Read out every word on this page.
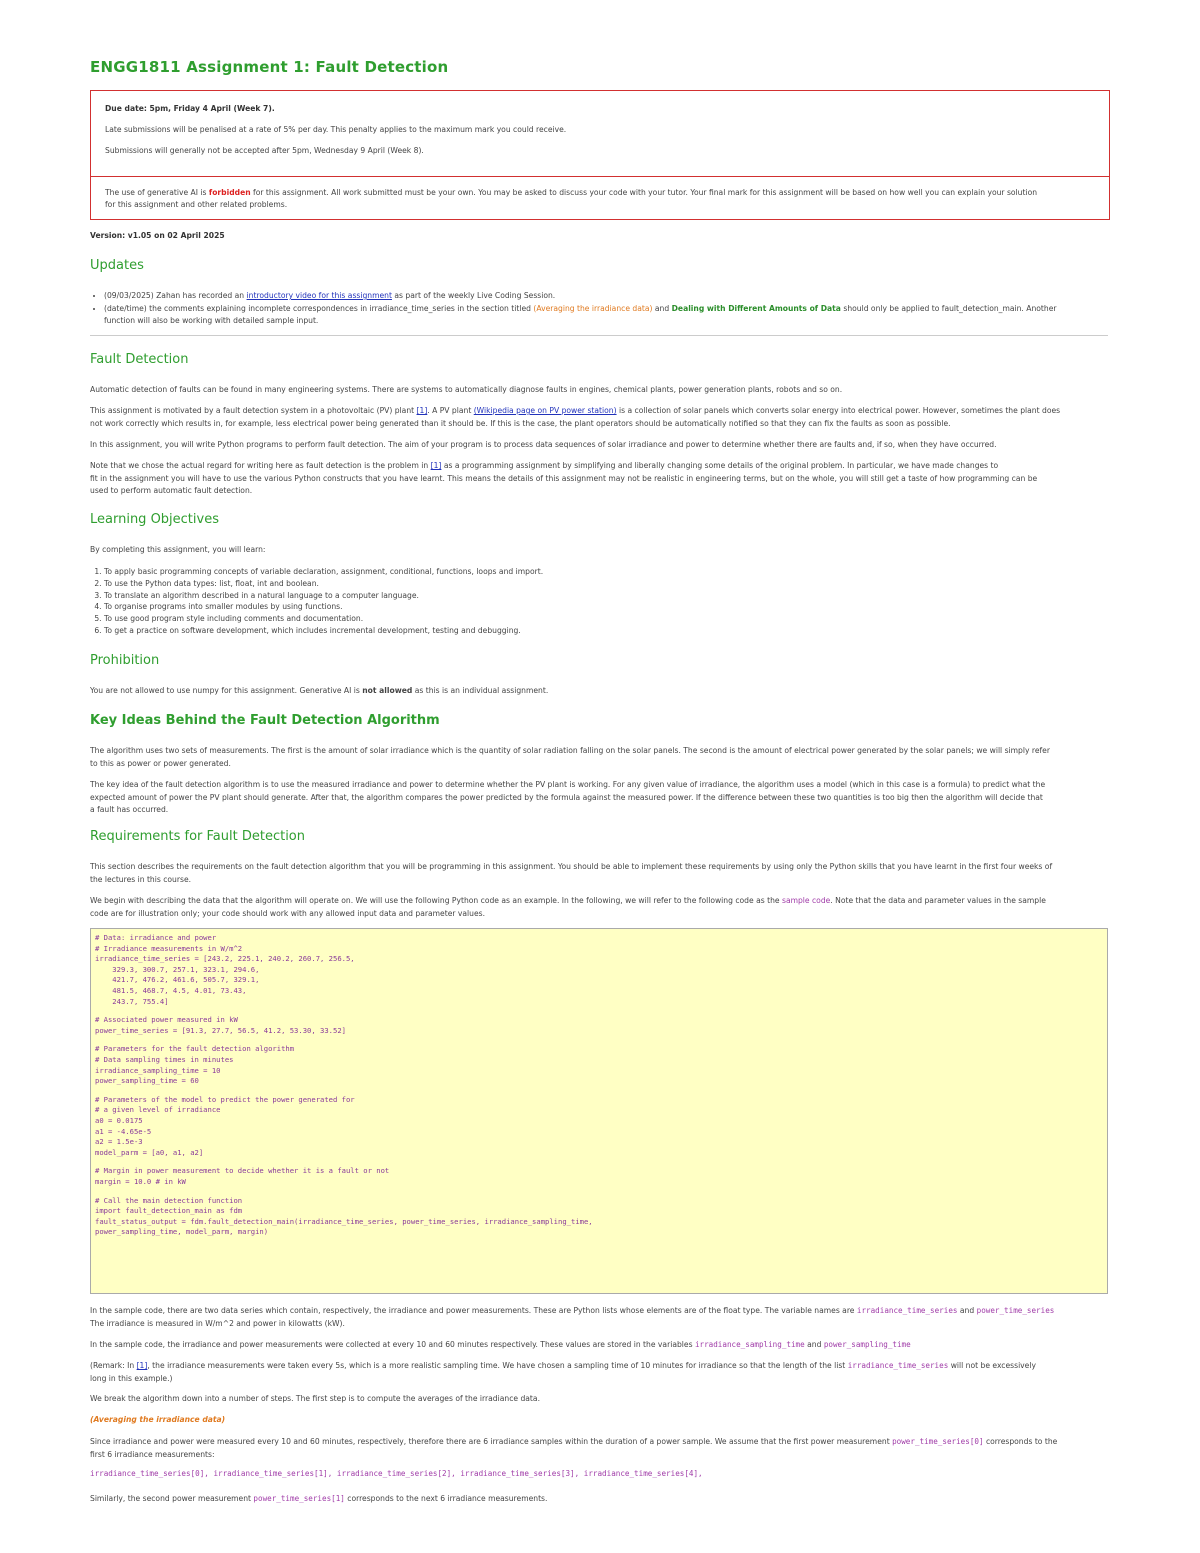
ENGG1811 Assignment 1: Fault Detection

Due date: 5pm, Friday 4 April (Week 7).

Late submissions will be penalised at a rate of 5% per day. This penalty applies to the maximum mark you could receive.

Submissions will generally not be accepted after 5pm, Wednesday 9 April (Week 8).

The use of generative AI is forbidden for this assignment. All work submitted must be your own. You may be asked to discuss your code with your tutor. Your final mark for this assignment will be based on how well you can explain your solution

for this assignment and other related problems.

Version: v1.05 on 02 April 2025
Updates
• (09/03/2025) Zahan has recorded an introductory video for this assignment as part of the weekly Live Coding Session.
• (date/time) the comments explaining incomplete correspondences in irradiance_time_series in the section titled (Averaging the irradiance data) and Dealing with Different Amounts of Data should only be applied to fault_detection_main. Another
function will also be working with detailed sample input.
Fault Detection
Automatic detection of faults can be found in many engineering systems. There are systems to automatically diagnose faults in engines, chemical plants, power generation plants, robots and so on.
This assignment is motivated by a fault detection system in a photovoltaic (PV) plant [1]. A PV plant (Wikipedia page on PV power station) is a collection of solar panels which converts solar energy into electrical power. However, sometimes the plant does
not work correctly which results in, for example, less electrical power being generated than it should be. If this is the case, the plant operators should be automatically notified so that they can fix the faults as soon as possible.
In this assignment, you will write Python programs to perform fault detection. The aim of your program is to process data sequences of solar irradiance and power to determine whether there are faults and, if so, when they have occurred.
Note that we chose the actual regard for writing here as fault detection is the problem in [1] as a programming assignment by simplifying and liberally changing some details of the original problem. In particular, we have made changes to
fit in the assignment you will have to use the various Python constructs that you have learnt. This means the details of this assignment may not be realistic in engineering terms, but on the whole, you will still get a taste of how programming can be
used to perform automatic fault detection.
Learning Objectives
By completing this assignment, you will learn:
1. To apply basic programming concepts of variable declaration, assignment, conditional, functions, loops and import.
2. To use the Python data types: list, float, int and boolean.
3. To translate an algorithm described in a natural language to a computer language.
4. To organise programs into smaller modules by using functions.
5. To use good program style including comments and documentation.
6. To get a practice on software development, which includes incremental development, testing and debugging.
Prohibition
You are not allowed to use numpy for this assignment. Generative AI is not allowed as this is an individual assignment.
Key Ideas Behind the Fault Detection Algorithm
The algorithm uses two sets of measurements. The first is the amount of solar irradiance which is the quantity of solar radiation falling on the solar panels. The second is the amount of electrical power generated by the solar panels; we will simply refer
to this as power or power generated.
The key idea of the fault detection algorithm is to use the measured irradiance and power to determine whether the PV plant is working. For any given value of irradiance, the algorithm uses a model (which in this case is a formula) to predict what the
expected amount of power the PV plant should generate. After that, the algorithm compares the power predicted by the formula against the measured power. If the difference between these two quantities is too big then the algorithm will decide that
a fault has occurred.
Requirements for Fault Detection
This section describes the requirements on the fault detection algorithm that you will be programming in this assignment. You should be able to implement these requirements by using only the Python skills that you have learnt in the first four weeks of
the lectures in this course.
We begin with describing the data that the algorithm will operate on. We will use the following Python code as an example. In the following, we will refer to the following code as the sample code. Note that the data and parameter values in the sample
code are for illustration only; your code should work with any allowed input data and parameter values.
# Data: irradiance and power
# Irradiance measurements in W/m^2
irradiance_time_series = [243.2, 225.1, 240.2, 260.7, 256.5,
329.3, 300.7, 257.1, 323.1, 294.6,
421.7, 476.2, 461.6, 505.7, 329.1,
481.5, 468.7, 4.5, 4.01, 73.43,
243.7, 755.4]
# Associated power measured in kW
power_time_series = [91.3, 27.7, 56.5, 41.2, 53.30, 33.52]
# Parameters for the fault detection algorithm
# Data sampling times in minutes
irradiance_sampling_time = 10
power_sampling_time = 60
# Parameters of the model to predict the power generated for
# a given level of irradiance
a0 = 0.0175
a1 = -4.65e-5
a2 = 1.5e-3
model_parm = [a0, a1, a2]
# Margin in power measurement to decide whether it is a fault or not
margin = 10.0 # in kW
# Call the main detection function
import fault_detection_main as fdm
fault_status_output = fdm.fault_detection_main(irradiance_time_series, power_time_series, irradiance_sampling_time,
power_sampling_time, model_parm, margin)
In the sample code, there are two data series which contain, respectively, the irradiance and power measurements. These are Python lists whose elements are of the float type. The variable names are irradiance_time_series and power_time_series
The irradiance is measured in W/m^2 and power in kilowatts (kW).
In the sample code, the irradiance and power measurements were collected at every 10 and 60 minutes respectively. These values are stored in the variables irradiance_sampling_time and power_sampling_time
(Remark: In [1], the irradiance measurements were taken every 5s, which is a more realistic sampling time. We have chosen a sampling time of 10 minutes for irradiance so that the length of the list irradiance_time_series will not be excessively
long in this example.)
We break the algorithm down into a number of steps. The first step is to compute the averages of the irradiance data.
(Averaging the irradiance data)
Since irradiance and power were measured every 10 and 60 minutes, respectively, therefore there are 6 irradiance samples within the duration of a power sample. We assume that the first power measurement power_time_series[0] corresponds to the
first 6 irradiance measurements:
irradiance_time_series[0], irradiance_time_series[1], irradiance_time_series[2], irradiance_time_series[3], irradiance_time_series[4],
Similarly, the second power measurement power_time_series[1] corresponds to the next 6 irradiance measurements.
